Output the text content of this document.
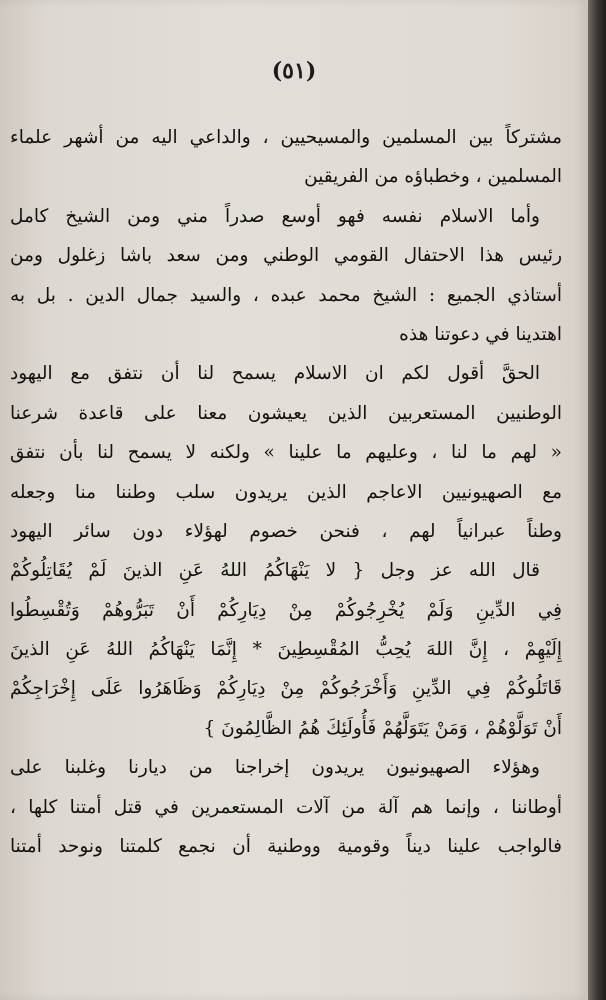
(٥١)
مشتركاً بين المسلمين والمسيحيين ، والداعي اليه من أشهر علماء
المسلمين ، وخطباؤه من الفريقين
وأما الاسلام نفسه فهو أوسع صدراً مني ومن الشيخ كامل
رئيس هذا الاحتفال القومي الوطني ومن سعد باشا زغلول ومن
أستاذي الجميع : الشيخ محمد عبده ، والسيد جمال الدين . بل به
اهتدينا في دعوتنا هذه
الحقَّ أقول لكم ان الاسلام يسمح لنا أن نتفق مع اليهود
الوطنيين المستعربين الذين يعيشون معنا على قاعدة شرعنا
« لهم ما لنا ، وعليهم ما علينا » ولكنه لا يسمح لنا بأن نتفق
مع الصهيونيين الاعاجم الذين يريدون سلب وطننا منا وجعله
وطناً عبرانياً لهم ، فنحن خصوم لهؤلاء دون سائر اليهود
قال الله عز وجل { لا يَنْهَاكُمُ اللهُ عَنِ الذينَ لَمْ يُقَاتِلُوكُمْ
فِي الدِّينِ وَلَمْ يُخْرِجُوكُمْ مِنْ دِيَارِكُمْ أَنْ تَبَرُّوهُمْ وَتُقْسِطُوا
إِلَيْهِمْ ، إِنَّ اللهَ يُحِبُّ المُقْسِطِينَ * إِنَّمَا يَنْهَاكُمُ اللهُ عَنِ الذينَ
قَاتَلُوكُمْ فِي الدِّينِ وَأَخْرَجُوكُمْ مِنْ دِيَارِكُمْ وَظَاهَرُوا عَلَى إِخْرَاجِكُمْ
أَنْ تَوَلَّوْهُمْ ، وَمَنْ يَتَوَلَّهُمْ فَأُولَئِكَ هُمُ الظَّالِمُونَ }
وهؤلاء الصهيونيون يريدون إخراجنا من ديارنا وغلبنا على
أوطاننا ، وإنما هم آلة من آلات المستعمرين في قتل أمتنا كلها ،
فالواجب علينا ديناً وقومية ووطنية أن نجمع كلمتنا ونوحد أمتنا
